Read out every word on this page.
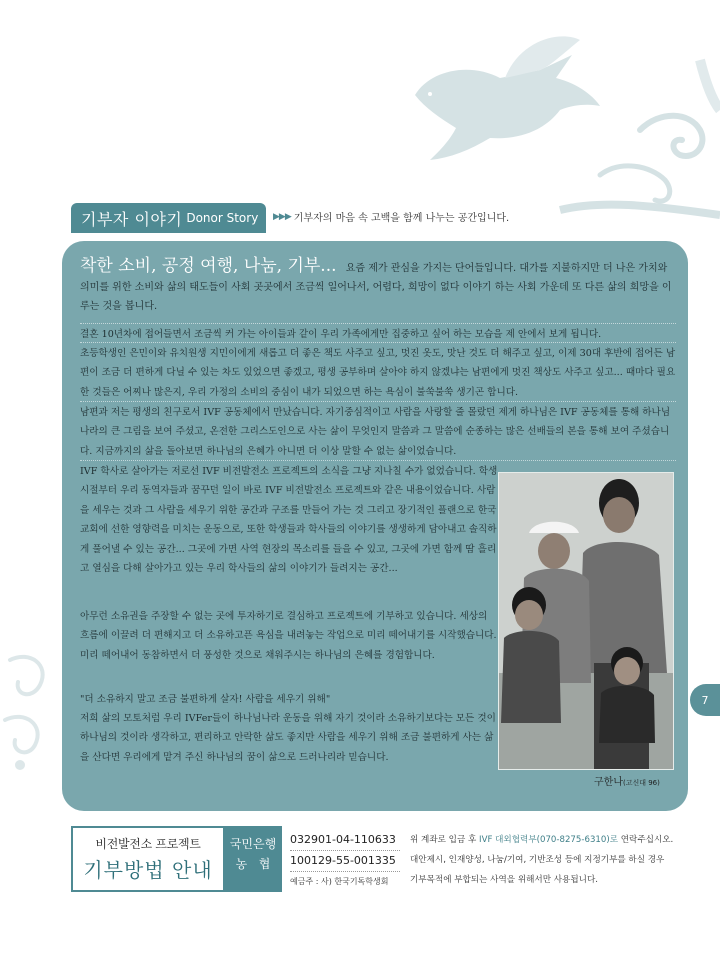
기부자 이야기 Donor Story ▶▶▶ 기부자의 마음 속 고백을 함께 나누는 공간입니다.
착한 소비, 공정 여행, 나눔, 기부... 요즘 제가 관심을 가지는 단어들입니다. 대가를 지불하지만 더 나은 가치와 의미를 위한 소비와 삶의 태도들이 사회 곳곳에서 조금씩 일어나서, 어렵다, 희망이 없다 이야기 하는 사회 가운데 또 다른 삶의 희망을 이루는 것을 봅니다.

결혼 10년차에 접어들면서 조금씩 커 가는 아이들과 같이 우리 가족에게만 집중하고 싶어 하는 모습을 제 안에서 보게 됩니다.

초등학생인 은민이와 유치원생 지민이에게 새롭고 더 좋은 책도 사주고 싶고, 멋진 옷도, 맛난 것도 더 해주고 싶고, 이제 30대 후반에 접어든 남편이 조금 더 편하게 다닐 수 있는 차도 있었으면 좋겠고, 평생 공부하며 살아야 하지 않겠냐는 남편에게 멋진 책상도 사주고 싶고... 때마다 필요한 것들은 어찌나 많은지, 우리 가정의 소비의 중심이 내가 되었으면 하는 욕심이 불쑥불쑥 생기곤 합니다.

남편과 저는 평생의 친구로서 IVF 공동체에서 만났습니다. 자기중심적이고 사람을 사랑할 줄 몰랐던 제게 하나님은 IVF 공동체를 통해 하나님나라의 큰 그림을 보여 주셨고, 온전한 그리스도인으로 사는 삶이 무엇인지 말씀과 그 말씀에 순종하는 많은 선배들의 본을 통해 보여 주셨습니다. 지금까지의 삶을 돌아보면 하나님의 은혜가 아니면 더 이상 말할 수 없는 삶이었습니다.

IVF 학사로 살아가는 저로선 IVF 비전발전소 프로젝트의 소식을 그냥 지나칠 수가 없었습니다. 학생시절부터 우리 동역자들과 꿈꾸던 일이 바로 IVF 비전발전소 프로젝트와 같은 내용이었습니다. 사람을 세우는 것과 그 사람을 세우기 위한 공간과 구조를 만들어 가는 것 그리고 장기적인 플랜으로 한국교회에 선한 영향력을 미치는 운동으로, 또한 학생들과 학사들의 이야기를 생생하게 담아내고 솔직하게 풀어낼 수 있는 공간... 그곳에 가면 사역 현장의 목소리를 들을 수 있고, 그곳에 가면 함께 땀 흘리고 열심을 다해 살아가고 있는 우리 학사들의 삶의 이야기가 들려지는 공간...

아무런 소유권을 주장할 수 없는 곳에 투자하기로 결심하고 프로젝트에 기부하고 있습니다. 세상의 흐름에 이끌려 더 편해지고 더 소유하고픈 욕심을 내려놓는 작업으로 미리 떼어내기를 시작했습니다. 미리 떼어내어 동참하면서 더 풍성한 것으로 채워주시는 하나님의 은혜를 경험합니다.

"더 소유하지 말고 조금 불편하게 살자! 사람을 세우기 위해"

저희 삶의 모토처럼 우리 IVFer들이 하나님나라 운동을 위해 자기 것이라 소유하기보다는 모든 것이 하나님의 것이라 생각하고, 편리하고 안락한 삶도 좋지만 사람을 세우기 위해 조금 불편하게 사는 삶을 산다면 우리에게 맡겨 주신 하나님의 꿈이 삶으로 드러나리라 믿습니다.

구한나(고신대 96)
7
비전발전소 프로젝트
기부방법 안내
국민은행
농   협
032901-04-110633
100129-55-001335
예금주 : 사) 한국기독학생회
위 계좌로 입금 후 IVF 대외협력부(070-8275-6310)로 연락주십시오.
대안제시, 인재양성, 나눔/기여, 기반조성 등에 지정기부를 하실 경우
기부목적에 부합되는 사역을 위해서만 사용됩니다.
